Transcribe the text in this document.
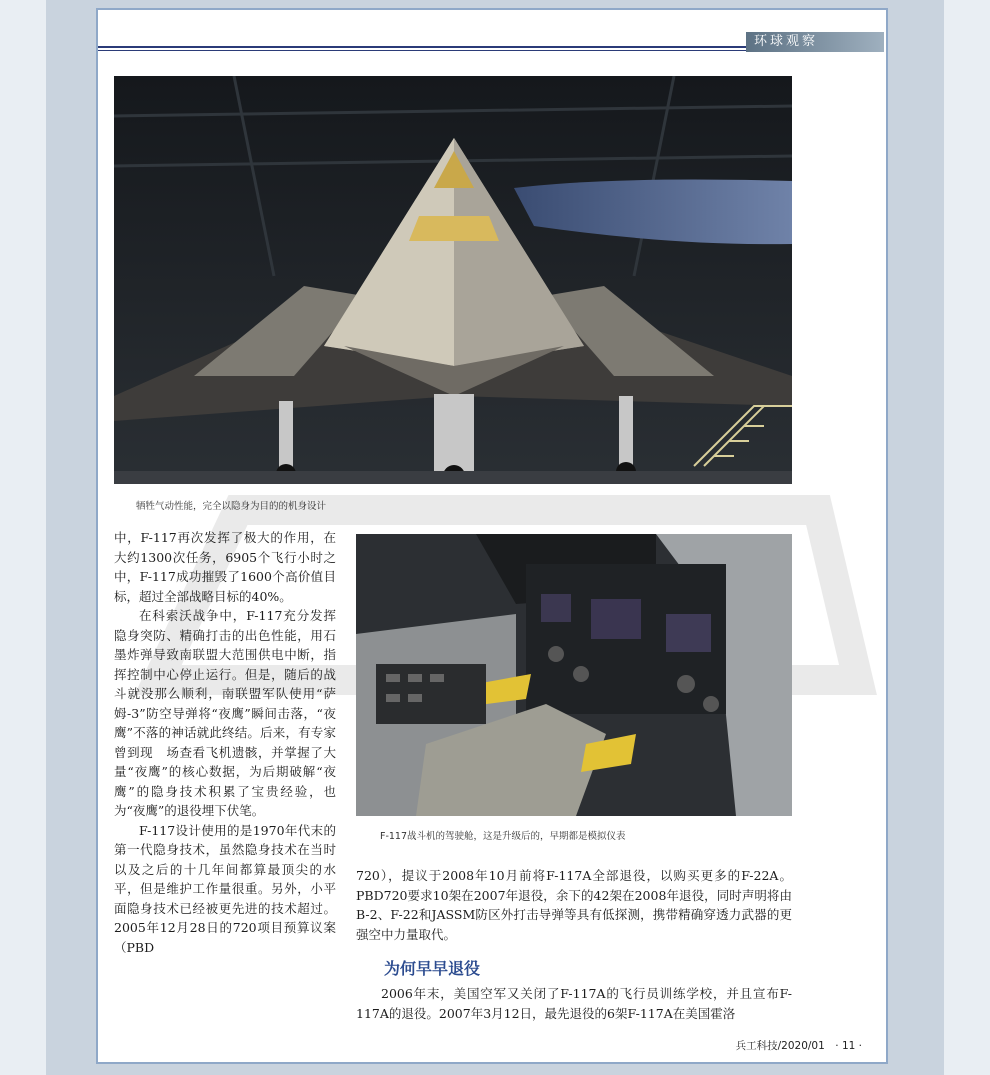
环球观察
牺牲气动性能，完全以隐身为目的的机身设计

中，F-117再次发挥了极大的作用，在大约1300次任务，6905个飞行小时之中，F-117成功摧毁了1600个高价值目标，超过全部战略目标的40%。

在科索沃战争中，F-117充分发挥隐身突防、精确打击的出色性能，用石墨炸弹导致南联盟大范围供电中断，指挥控制中心停止运行。但是，随后的战斗就没那么顺利，南联盟军队使用“萨姆-3”防空导弹将“夜鹰”瞬间击落，“夜鹰”不落的神话就此终结。后来，有专家曾到现　场查看飞机遗骸，并掌握了大量“夜鹰”的核心数据，为后期破解“夜鹰”的隐身技术积累了宝贵经验，也为“夜鹰”的退役埋下伏笔。

F-117设计使用的是1970年代末的第一代隐身技术，虽然隐身技术在当时以及之后的十几年间都算最顶尖的水平，但是维护工作量很重。另外，小平面隐身技术已经被更先进的技术超过。2005年12月28日的720项目预算议案（PBD

F-117战斗机的驾驶舱，这是升级后的，早期都是模拟仪表

720），提议于2008年10月前将F-117A全部退役，以购买更多的F-22A。PBD720要求10架在2007年退役，余下的42架在2008年退役，同时声明将由B-2、F-22和JASSM防区外打击导弹等具有低探测，携带精确穿透力武器的更强空中力量取代。

为何早早退役

2006年末，美国空军又关闭了F-117A的飞行员训练学校，并且宣布F-117A的退役。2007年3月12日，最先退役的6架F-117A在美国霍洛

兵工科技/2020/01　· 11 ·
